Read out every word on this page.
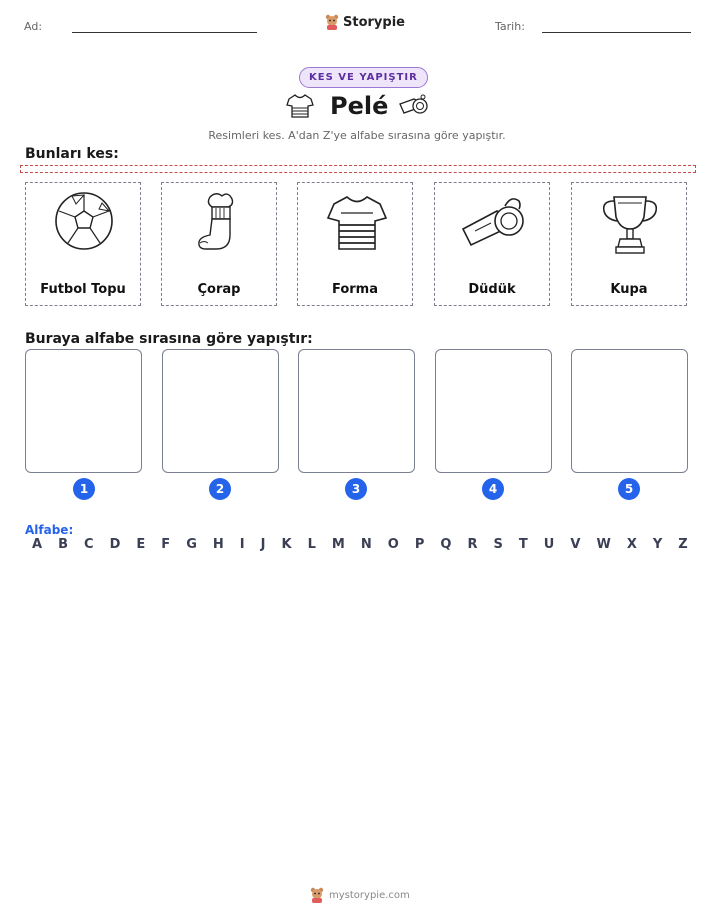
Ad:	Storypie	Tarih:
KES VE YAPIŞTIR
Pelé
Resimleri kes. A'dan Z'ye alfabe sırasına göre yapıştır.
Bunları kes:
Futbol Topu	Çorap	Forma	Düdük	Kupa
Buraya alfabe sırasına göre yapıştır:
1	2	3	4	5
Alfabe:
A B C D E F G H I J K L M N O P Q R S T U V W X Y Z
mystorypie.com
